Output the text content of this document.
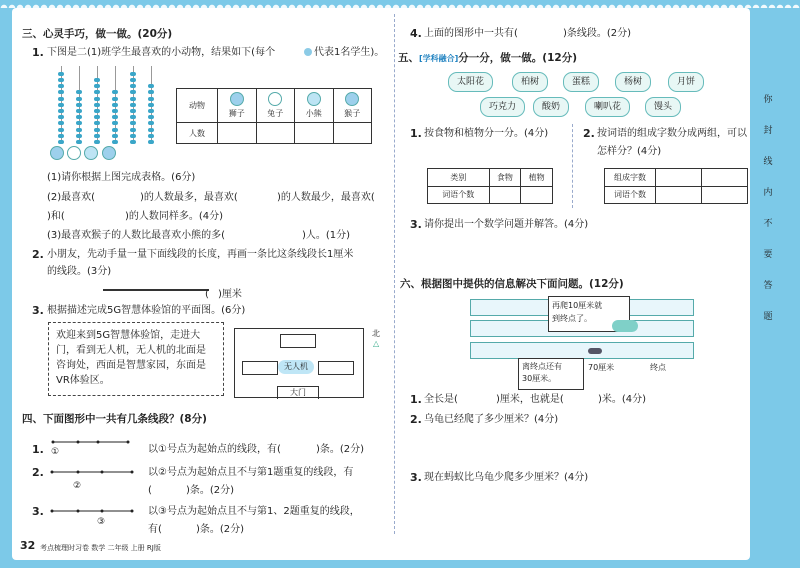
三、心灵手巧，做一做。(20分)
1. 下图是二(1)班学生最喜欢的小动物，结果如下(每个	代表1名学生)。

动物	狮子	兔子	小熊	猴子
人数				
(1)请你根据上图完成表格。(6分)
(2)最喜欢(	)的人数最多，最喜欢(	)的人数最少，最喜欢(
)和(	)的人数同样多。(4分)
(3)最喜欢猴子的人数比最喜欢小熊的多(	)人。(1分)
2. 小朋友，先动手量一量下面线段的长度，再画一条比这条线段长1厘米
的线段。(3分)
( )厘米
3. 根据描述完成5G智慧体验馆的平面图。(6分)
欢迎来到5G智慧体验馆，走进大
门，看到无人机，无人机的北面是
咨询处，西面是智慧家园，东面是
VR体验区。
无人机
大门
北
△
四、下面图形中一共有几条线段？(8分)
1. ①	以①号点为起始点的线段，有(	)条。(2分)
2.
②
以②号点为起始点且不与第1题重复的线段，有
(	)条。(2分)
3.
③
以③号点为起始点且不与第1、2题重复的线段，
有(	)条。(2分)
32 考点梳理时习卷 数学 二年级 上册 RJ版
4. 上面的图形中一共有(	)条线段。(2分)
五、[学科融合]分一分，做一做。(12分)
太阳花	柏树	蛋糕	杨树	月饼
巧克力	酸奶	喇叭花	馒头
1. 按食物和植物分一分。(4分)
类别	食物	植物
词语个数		
2. 按词语的组成字数分成两组，可以
怎样分？(4分)
组成字数		
词语个数		
3. 请你提出一个数学问题并解答。(4分)
六、根据图中提供的信息解决下面问题。(12分)
再爬10厘米就
到终点了。
离终点还有
30厘米。
70厘米	终点
1. 全长是(	)厘米，也就是(	)米。(4分)
2. 乌龟已经爬了多少厘米？(4分)
3. 现在蚂蚁比乌龟少爬多少厘米？(4分)
你
封
线
内
不
要
答
题
